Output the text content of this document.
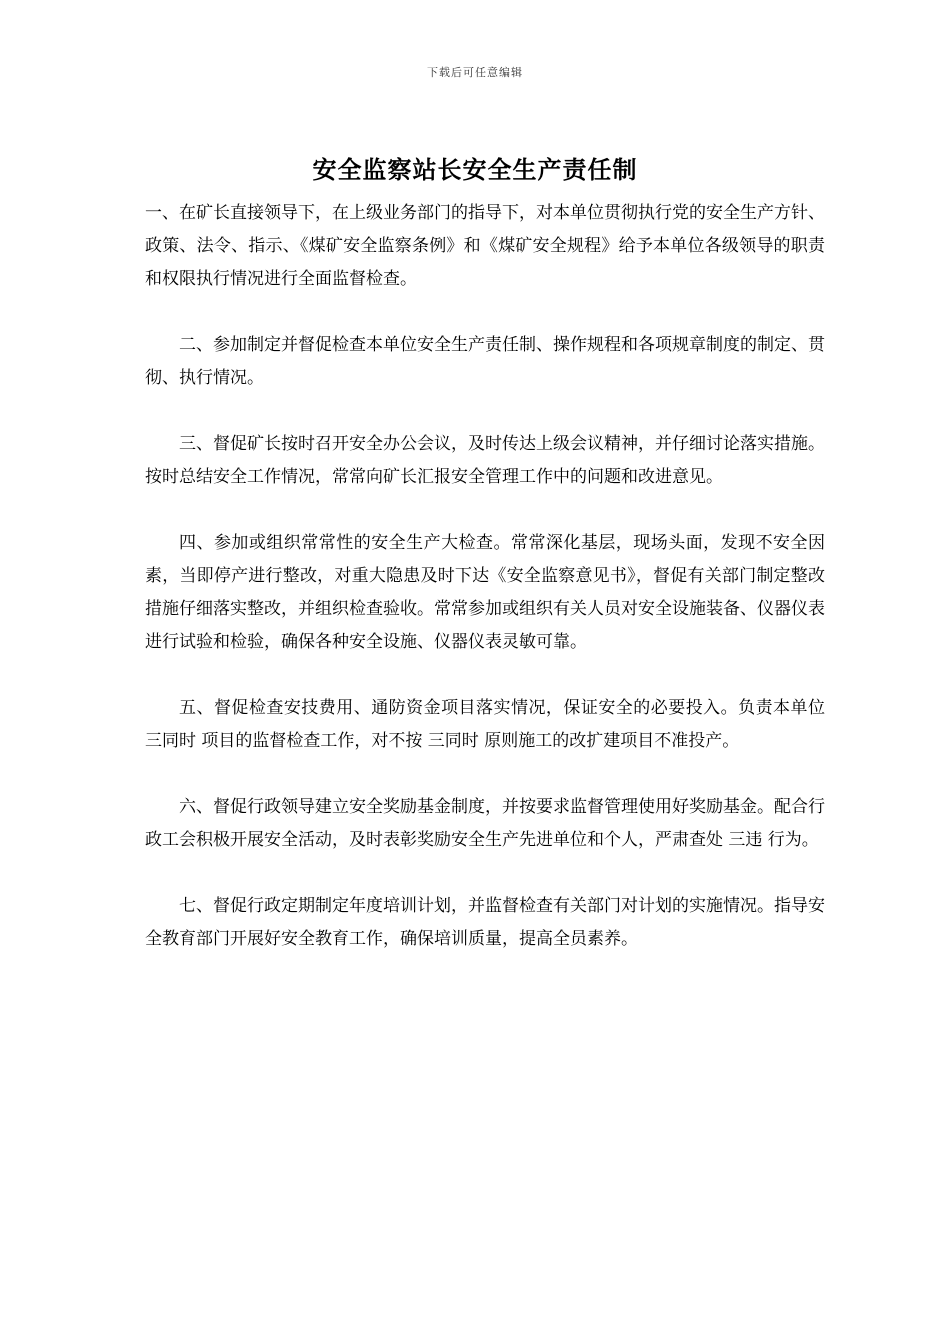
下载后可任意编辑
安全监察站长安全生产责任制

一、在矿长直接领导下，在上级业务部门的指导下，对本单位贯彻执行党的安全生产方针、政策、法令、指示、《煤矿安全监察条例》和《煤矿安全规程》给予本单位各级领导的职责和权限执行情况进行全面监督检查。

二、参加制定并督促检查本单位安全生产责任制、操作规程和各项规章制度的制定、贯彻、执行情况。

三、督促矿长按时召开安全办公会议，及时传达上级会议精神，并仔细讨论落实措施。按时总结安全工作情况，常常向矿长汇报安全管理工作中的问题和改进意见。

四、参加或组织常常性的安全生产大检查。常常深化基层，现场头面，发现不安全因素，当即停产进行整改，对重大隐患及时下达《安全监察意见书》，督促有关部门制定整改措施仔细落实整改，并组织检查验收。常常参加或组织有关人员对安全设施装备、仪器仪表进行试验和检验，确保各种安全设施、仪器仪表灵敏可靠。

五、督促检查安技费用、通防资金项目落实情况，保证安全的必要投入。负责本单位 三同时 项目的监督检查工作，对不按 三同时 原则施工的改扩建项目不准投产。

六、督促行政领导建立安全奖励基金制度，并按要求监督管理使用好奖励基金。配合行政工会积极开展安全活动，及时表彰奖励安全生产先进单位和个人，严肃查处 三违 行为。

七、督促行政定期制定年度培训计划，并监督检查有关部门对计划的实施情况。指导安全教育部门开展好安全教育工作，确保培训质量，提高全员素养。
